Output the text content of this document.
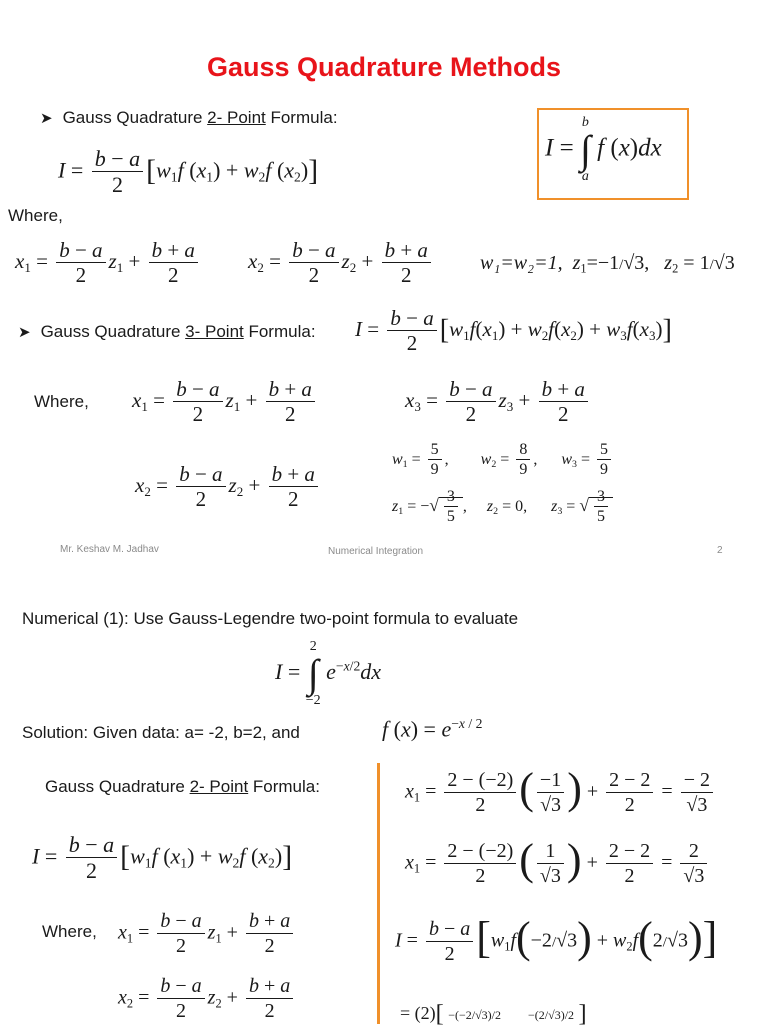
Gauss Quadrature Methods
➤ Gauss Quadrature 2- Point Formula:
$I = \frac{b - a}{2} [w_1f$ $(x_1) + w_2f$ $(x_2)$]
I =
b
∫
a
f (x)dx
Where,
$x_1 = \frac{b - a}{2} z_1 + \frac{b + a}{2} x_2 = \frac{b - a}{2} z_2 + \frac{b + a}{2} w_1=w_2=1$, $z_1=-1/√3$,   $z_2 = 1/√3$
➤ Gauss Quadrature 3- Point Formula: $I = \frac{b - a}{2} [w_1f(x_1) + w_2f(x_2) + w_3f(x_3)]$
Where, $x_1 = \frac{b - a}{2} z_1 + \frac{b + a}{2}$	$x_3 = \frac{b - a}{2} z_3 + \frac{b + a}{2}$
$x_2 = \frac{b - a}{2} z_2 + \frac{b + a}{2}$
$w_1 = \frac{5}{9}$ ,        $w_2 = \frac{8}{9}$ ,      $w_3 = \frac{5}{9}$
$z_1$ = −√ $\frac{3}{5}$ ,     $z_2 = 0$,      $z_3$ = √ $\frac{3}{5}$
Mr. Keshav M. Jadhav	Numerical Integration	2
Numerical (1): Use Gauss-Legendre two-point formula to evaluate
I =
2
∫
−2
$e^{-x/2}dx$
Solution: Given data: a= -2, b=2, and	f $(x) = e^{-x / 2}$
Gauss Quadrature 2- Point Formula:
$I = \frac{b - a}{2} [w_1f$ $(x_1) + w_2f$ $(x_2)$]
Where, $x_1 = \frac{b - a}{2} z_1 + \frac{b + a}{2}$
$x_2 = \frac{b - a}{2} z_2 + \frac{b + a}{2}$
$x_1 = \frac{2 - (-2)}{2}$ ( $\frac{-1}{√3}$ ) + $\frac{2 - 2}{2} = \frac{- 2}{√3}$
$x_1 = \frac{2 - (-2)}{2}$ ( $\frac{1}{√3}$ ) + $\frac{2 - 2}{2} = \frac{2}{√3}$
$I = \frac{b - a}{2} [w_1f(-2/√3) + w_2f(2/√3)]$
= (2)[ −(−2/√3)/2 −(2/√3)/2 ]
